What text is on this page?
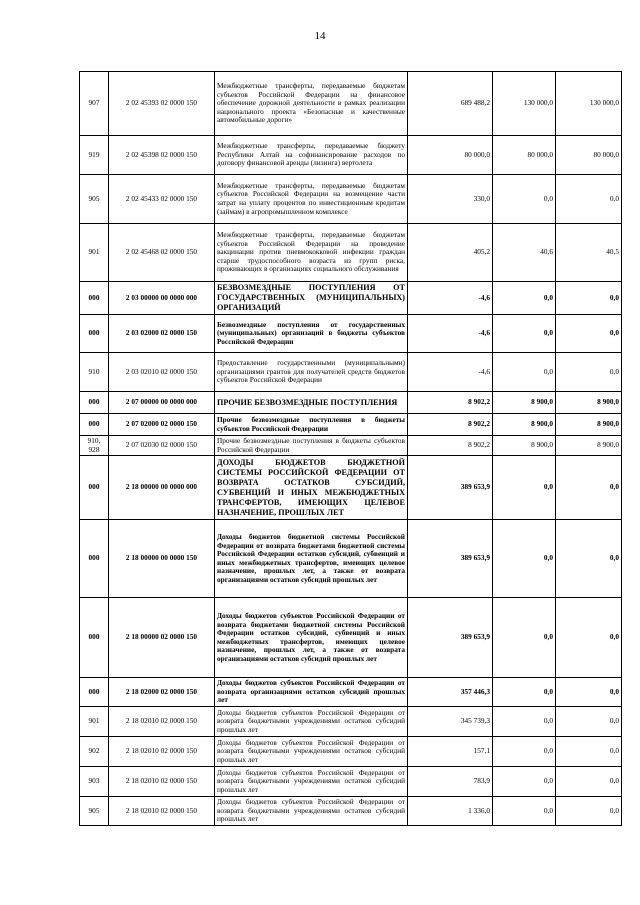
14
907	2 02 45393 02 0000 150	Межбюджетные трансферты, передаваемые бюджетам субъектов Российской Федерации на финансовое обеспечение дорожной деятельности в рамках реализации национального проекта «Безопасные и качественные автомобильные дороги»	689 488,2	130 000,0	130 000,0
919	2 02 45398 02 0000 150	Межбюджетные трансферты, передаваемые бюджету Республики Алтай на софинансирование расходов по договору финансовой аренды (лизинга) вертолета	80 000,0	80 000,0	80 000,0
905	2 02 45433 02 0000 150	Межбюджетные трансферты, передаваемые бюджетам субъектов Российской Федерации на возмещение части затрат на уплату процентов по инвестиционным кредитам (займам) в агропромышленном комплексе	330,0	0,0	0,0
901	2 02 45468 02 0000 150	Межбюджетные трансферты, передаваемые бюджетам субъектов Российской Федерации на проведение вакцинации против пневмококковой инфекции граждан старше трудоспособного возраста из групп риска, проживающих в организациях социального обслуживания	405,2	40,6	40,5
000	2 03 00000 00 0000 000	БЕЗВОЗМЕЗДНЫЕ ПОСТУПЛЕНИЯ ОТ ГОСУДАРСТВЕННЫХ (МУНИЦИПАЛЬНЫХ) ОРГАНИЗАЦИЙ	-4,6	0,0	0,0
000	2 03 02000 02 0000 150	Безвозмездные поступления от государственных (муниципальных) организаций в бюджеты субъектов Российской Федерации	-4,6	0,0	0,0
910	2 03 02010 02 0000 150	Предоставление государственными (муниципальными) организациями грантов для получателей средств бюджетов субъектов Российской Федерации	-4,6	0,0	0,0
000	2 07 00000 00 0000 000	ПРОЧИЕ БЕЗВОЗМЕЗДНЫЕ ПОСТУПЛЕНИЯ	8 902,2	8 900,0	8 900,0
000	2 07 02000 02 0000 150	Прочие безвозмездные поступления в бюджеты субъектов Российской Федерации	8 902,2	8 900,0	8 900,0
910, 928	2 07 02030 02 0000 150	Прочие безвозмездные поступления в бюджеты субъектов Российской Федерации	8 902,2	8 900,0	8 900,0
000	2 18 00000 00 0000 000	ДОХОДЫ БЮДЖЕТОВ БЮДЖЕТНОЙ СИСТЕМЫ РОССИЙСКОЙ ФЕДЕРАЦИИ ОТ ВОЗВРАТА ОСТАТКОВ СУБСИДИЙ, СУБВЕНЦИЙ И ИНЫХ МЕЖБЮДЖЕТНЫХ ТРАНСФЕРТОВ, ИМЕЮЩИХ ЦЕЛЕВОЕ НАЗНАЧЕНИЕ, ПРОШЛЫХ ЛЕТ	389 653,9	0,0	0,0
000	2 18 00000 00 0000 150	Доходы бюджетов бюджетной системы Российской Федерации от возврата бюджетами бюджетной системы Российской Федерации остатков субсидий, субвенций и иных межбюджетных трансфертов, имеющих целевое назначение, прошлых лет, а также от возврата организациями остатков субсидий прошлых лет	389 653,9	0,0	0,0
000	2 18 00000 02 0000 150	Доходы бюджетов субъектов Российской Федерации от возврата бюджетами бюджетной системы Российской Федерации остатков субсидий, субвенций и иных межбюджетных трансфертов, имеющих целевое назначение, прошлых лет, а также от возврата организациями остатков субсидий прошлых лет	389 653,9	0,0	0,0
000	2 18 02000 02 0000 150	Доходы бюджетов субъектов Российской Федерации от возврата организациями остатков субсидий прошлых лет	357 446,3	0,0	0,0
901	2 18 02010 02 0000 150	Доходы бюджетов субъектов Российской Федерации от возврата бюджетными учреждениями остатков субсидий прошлых лет	345 739,3	0,0	0,0
902	2 18 02010 02 0000 150	Доходы бюджетов субъектов Российской Федерации от возврата бюджетными учреждениями остатков субсидий прошлых лет	157,1	0,0	0,0
903	2 18 02010 02 0000 150	Доходы бюджетов субъектов Российской Федерации от возврата бюджетными учреждениями остатков субсидий прошлых лет	783,9	0,0	0,0
905	2 18 02010 02 0000 150	Доходы бюджетов субъектов Российской Федерации от возврата бюджетными учреждениями остатков субсидий прошлых лет	1 336,0	0,0	0,0
